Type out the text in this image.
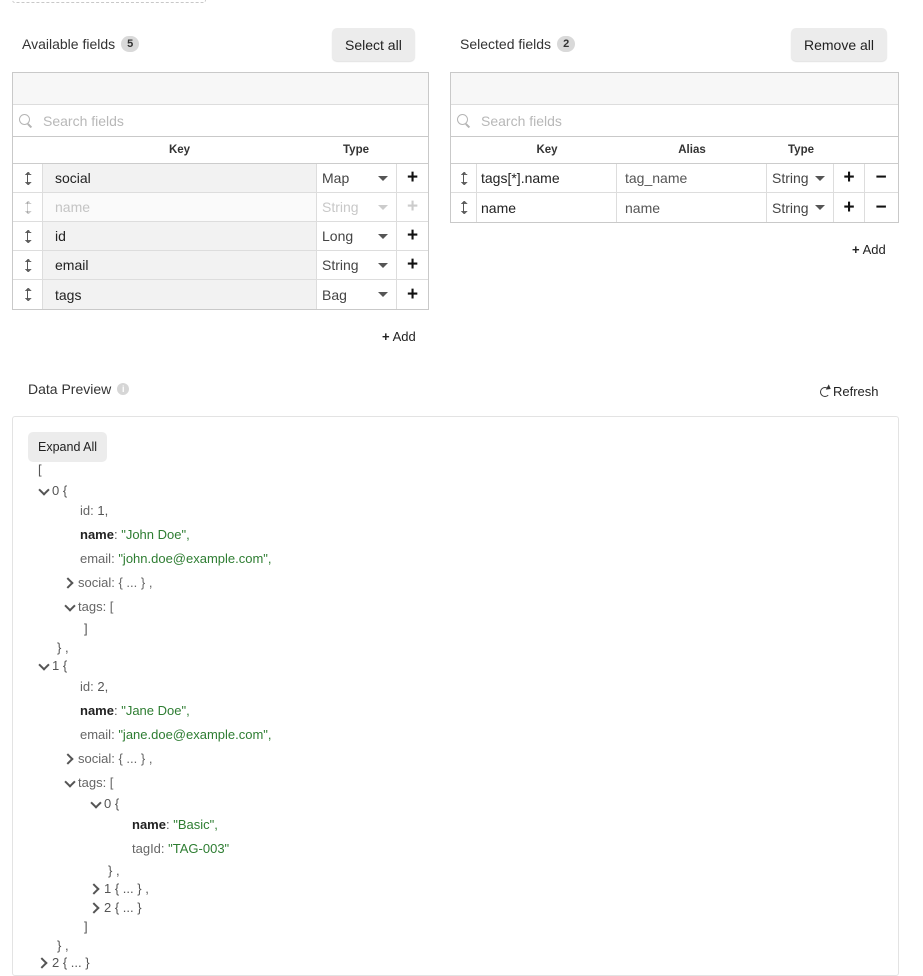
Available fields	5	Select all
Search fields
Key	Type
social	Map	+
name	String	+
id	Long	+
email	String	+
tags	Bag	+
+ Add
Selected fields	2	Remove all
Search fields
Key	Alias	Type
tags[*].name	tag_name	String + −
name	name	String + −
+ Add
Data Preview	i	Refresh
Expand All
[
0 {
id:
1,
name : "John Doe",
email:
"john.doe@example.com",
social: { ... } ,
tags: [
]
} ,
1 {
id:
2,
name : "Jane Doe",
email:
"jane.doe@example.com",
social: { ... } ,
tags: [
0 {
name : "Basic",
tagId:
"TAG-003"
} ,
1 { ... } ,
2 { ... }
]
} ,
2 { ... }
